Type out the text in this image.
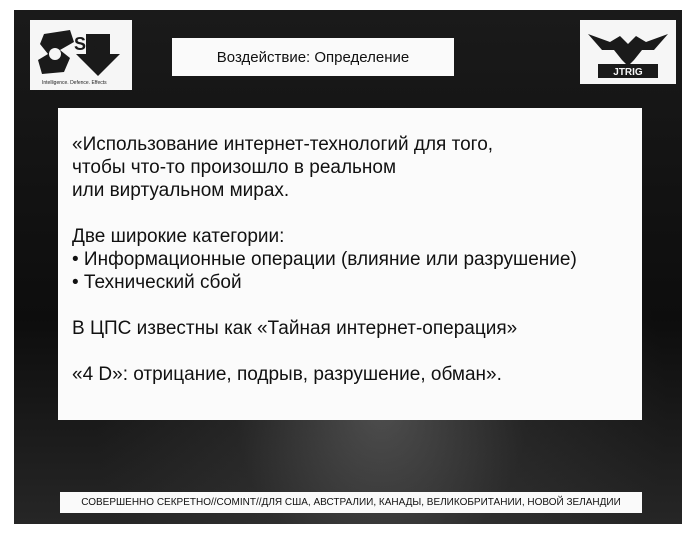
SD
Intelligence. Defence. Effects
Воздействие: Определение
JTRIG

«Использование интернет-технологий для того,

чтобы что-то произошло в реальном

или виртуальном мирах.

Две широкие категории:

• Информационные операции (влияние или разрушение)

• Технический сбой

В ЦПС известны как «Тайная интернет-операция»

«4 D»: отрицание, подрыв, разрушение, обман».

СОВЕРШЕННО СЕКРЕТНО//COMINT//ДЛЯ США, АВСТРАЛИИ, КАНАДЫ, ВЕЛИКОБРИТАНИИ, НОВОЙ ЗЕЛАНДИИ
